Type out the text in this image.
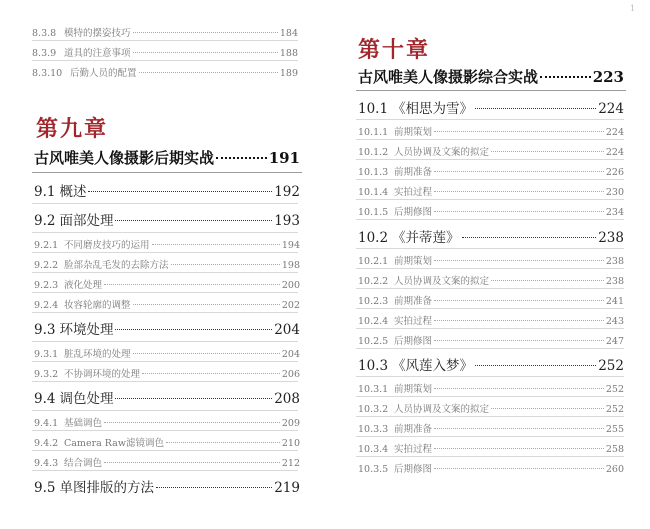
8.3.8 模特的摆姿技巧	184
8.3.9 道具的注意事项	188
8.3.10 后勤人员的配置	189
第九章
古风唯美人像摄影后期实战	191
9.1 概述	192
9.2 面部处理	193
9.2.1 不同磨皮技巧的运用	194
9.2.2 脸部杂乱毛发的去除方法	198
9.2.3 液化处理	200
9.2.4 妆容轮廓的调整	202
9.3 环境处理	204
9.3.1 脏乱环境的处理	204
9.3.2 不协调环境的处理	206
9.4 调色处理	208
9.4.1 基础调色	209
9.4.2 Camera Raw滤镜调色	210
9.4.3 结合调色	212
9.5 单图排版的方法	219
第十章
古风唯美人像摄影综合实战	223
10.1 《相思为雪》	224
10.1.1 前期策划	224
10.1.2 人员协调及文案的拟定	224
10.1.3 前期准备	226
10.1.4 实拍过程	230
10.1.5 后期修图	234
10.2 《并蒂莲》	238
10.2.1 前期策划	238
10.2.2 人员协调及文案的拟定	238
10.2.3 前期准备	241
10.2.4 实拍过程	243
10.2.5 后期修图	247
10.3 《风莲入梦》	252
10.3.1 前期策划	252
10.3.2 人员协调及文案的拟定	252
10.3.3 前期准备	255
10.3.4 实拍过程	258
10.3.5 后期修图	260
1
